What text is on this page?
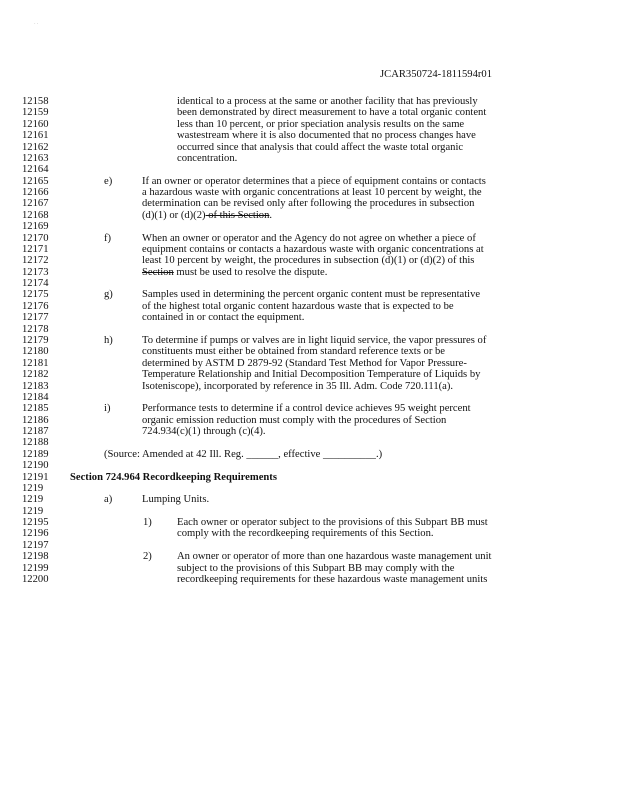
· ·
JCAR350724-1811594r01
12158	identical to a process at the same or another facility that has previously
12159	been demonstrated by direct measurement to have a total organic content
12160	less than 10 percent, or prior speciation analysis results on the same
12161	wastestream where it is also documented that no process changes have
12162	occurred since that analysis that could affect the waste total organic
12163	concentration.
12164
12165	e)	If an owner or operator determines that a piece of equipment contains or contacts
12166	a hazardous waste with organic concentrations at least 10 percent by weight, the
12167	determination can be revised only after following the procedures in subsection
12168	(d)(1) or (d)(2) of this Section.
12169
12170	f)	When an owner or operator and the Agency do not agree on whether a piece of
12171	equipment contains or contacts a hazardous waste with organic concentrations at
12172	least 10 percent by weight, the procedures in subsection (d)(1) or (d)(2) of this
12173	Section must be used to resolve the dispute.
12174
12175	g)	Samples used in determining the percent organic content must be representative
12176	of the highest total organic content hazardous waste that is expected to be
12177	contained in or contact the equipment.
12178
12179	h)	To determine if pumps or valves are in light liquid service, the vapor pressures of
12180	constituents must either be obtained from standard reference texts or be
12181	determined by ASTM D 2879-92 (Standard Test Method for Vapor Pressure-
12182	Temperature Relationship and Initial Decomposition Temperature of Liquids by
12183	Isoteniscope), incorporated by reference in 35 Ill. Adm. Code 720.111(a).
12184
12185	i)	Performance tests to determine if a control device achieves 95 weight percent
12186	organic emission reduction must comply with the procedures of Section
12187	724.934(c)(1) through (c)(4).
12188
12189	(Source: Amended at 42 Ill. Reg. ______, effective __________.)
12190
12191 Section 724.964 Recordkeeping Requirements
1219
1219	a)	Lumping Units.
1219
12195	1) Each owner or operator subject to the provisions of this Subpart BB must
12196	comply with the recordkeeping requirements of this Section.
12197
12198	2) An owner or operator of more than one hazardous waste management unit
12199	subject to the provisions of this Subpart BB may comply with the
12200	recordkeeping requirements for these hazardous waste management units
